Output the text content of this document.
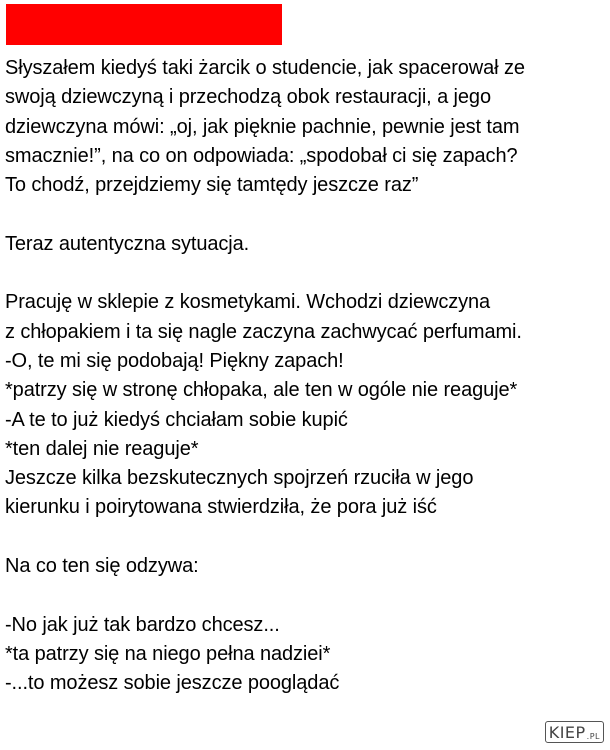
Słyszałem kiedyś taki żarcik o studencie, jak spacerował ze
swoją dziewczyną i przechodzą obok restauracji, a jego
dziewczyna mówi: „oj, jak pięknie pachnie, pewnie jest tam
smacznie!”, na co on odpowiada: „spodobał ci się zapach?
To chodź, przejdziemy się tamtędy jeszcze raz”
Teraz autentyczna sytuacja.
Pracuję w sklepie z kosmetykami. Wchodzi dziewczyna
z chłopakiem i ta się nagle zaczyna zachwycać perfumami.
-O, te mi się podobają! Piękny zapach!
*patrzy się w stronę chłopaka, ale ten w ogóle nie reaguje*
-A te to już kiedyś chciałam sobie kupić
*ten dalej nie reaguje*
Jeszcze kilka bezskutecznych spojrzeń rzuciła w jego
kierunku i poirytowana stwierdziła, że pora już iść
Na co ten się odzywa:
-No jak już tak bardzo chcesz...
*ta patrzy się na niego pełna nadziei*
-...to możesz sobie jeszcze pooglądać
KIEP .PL
